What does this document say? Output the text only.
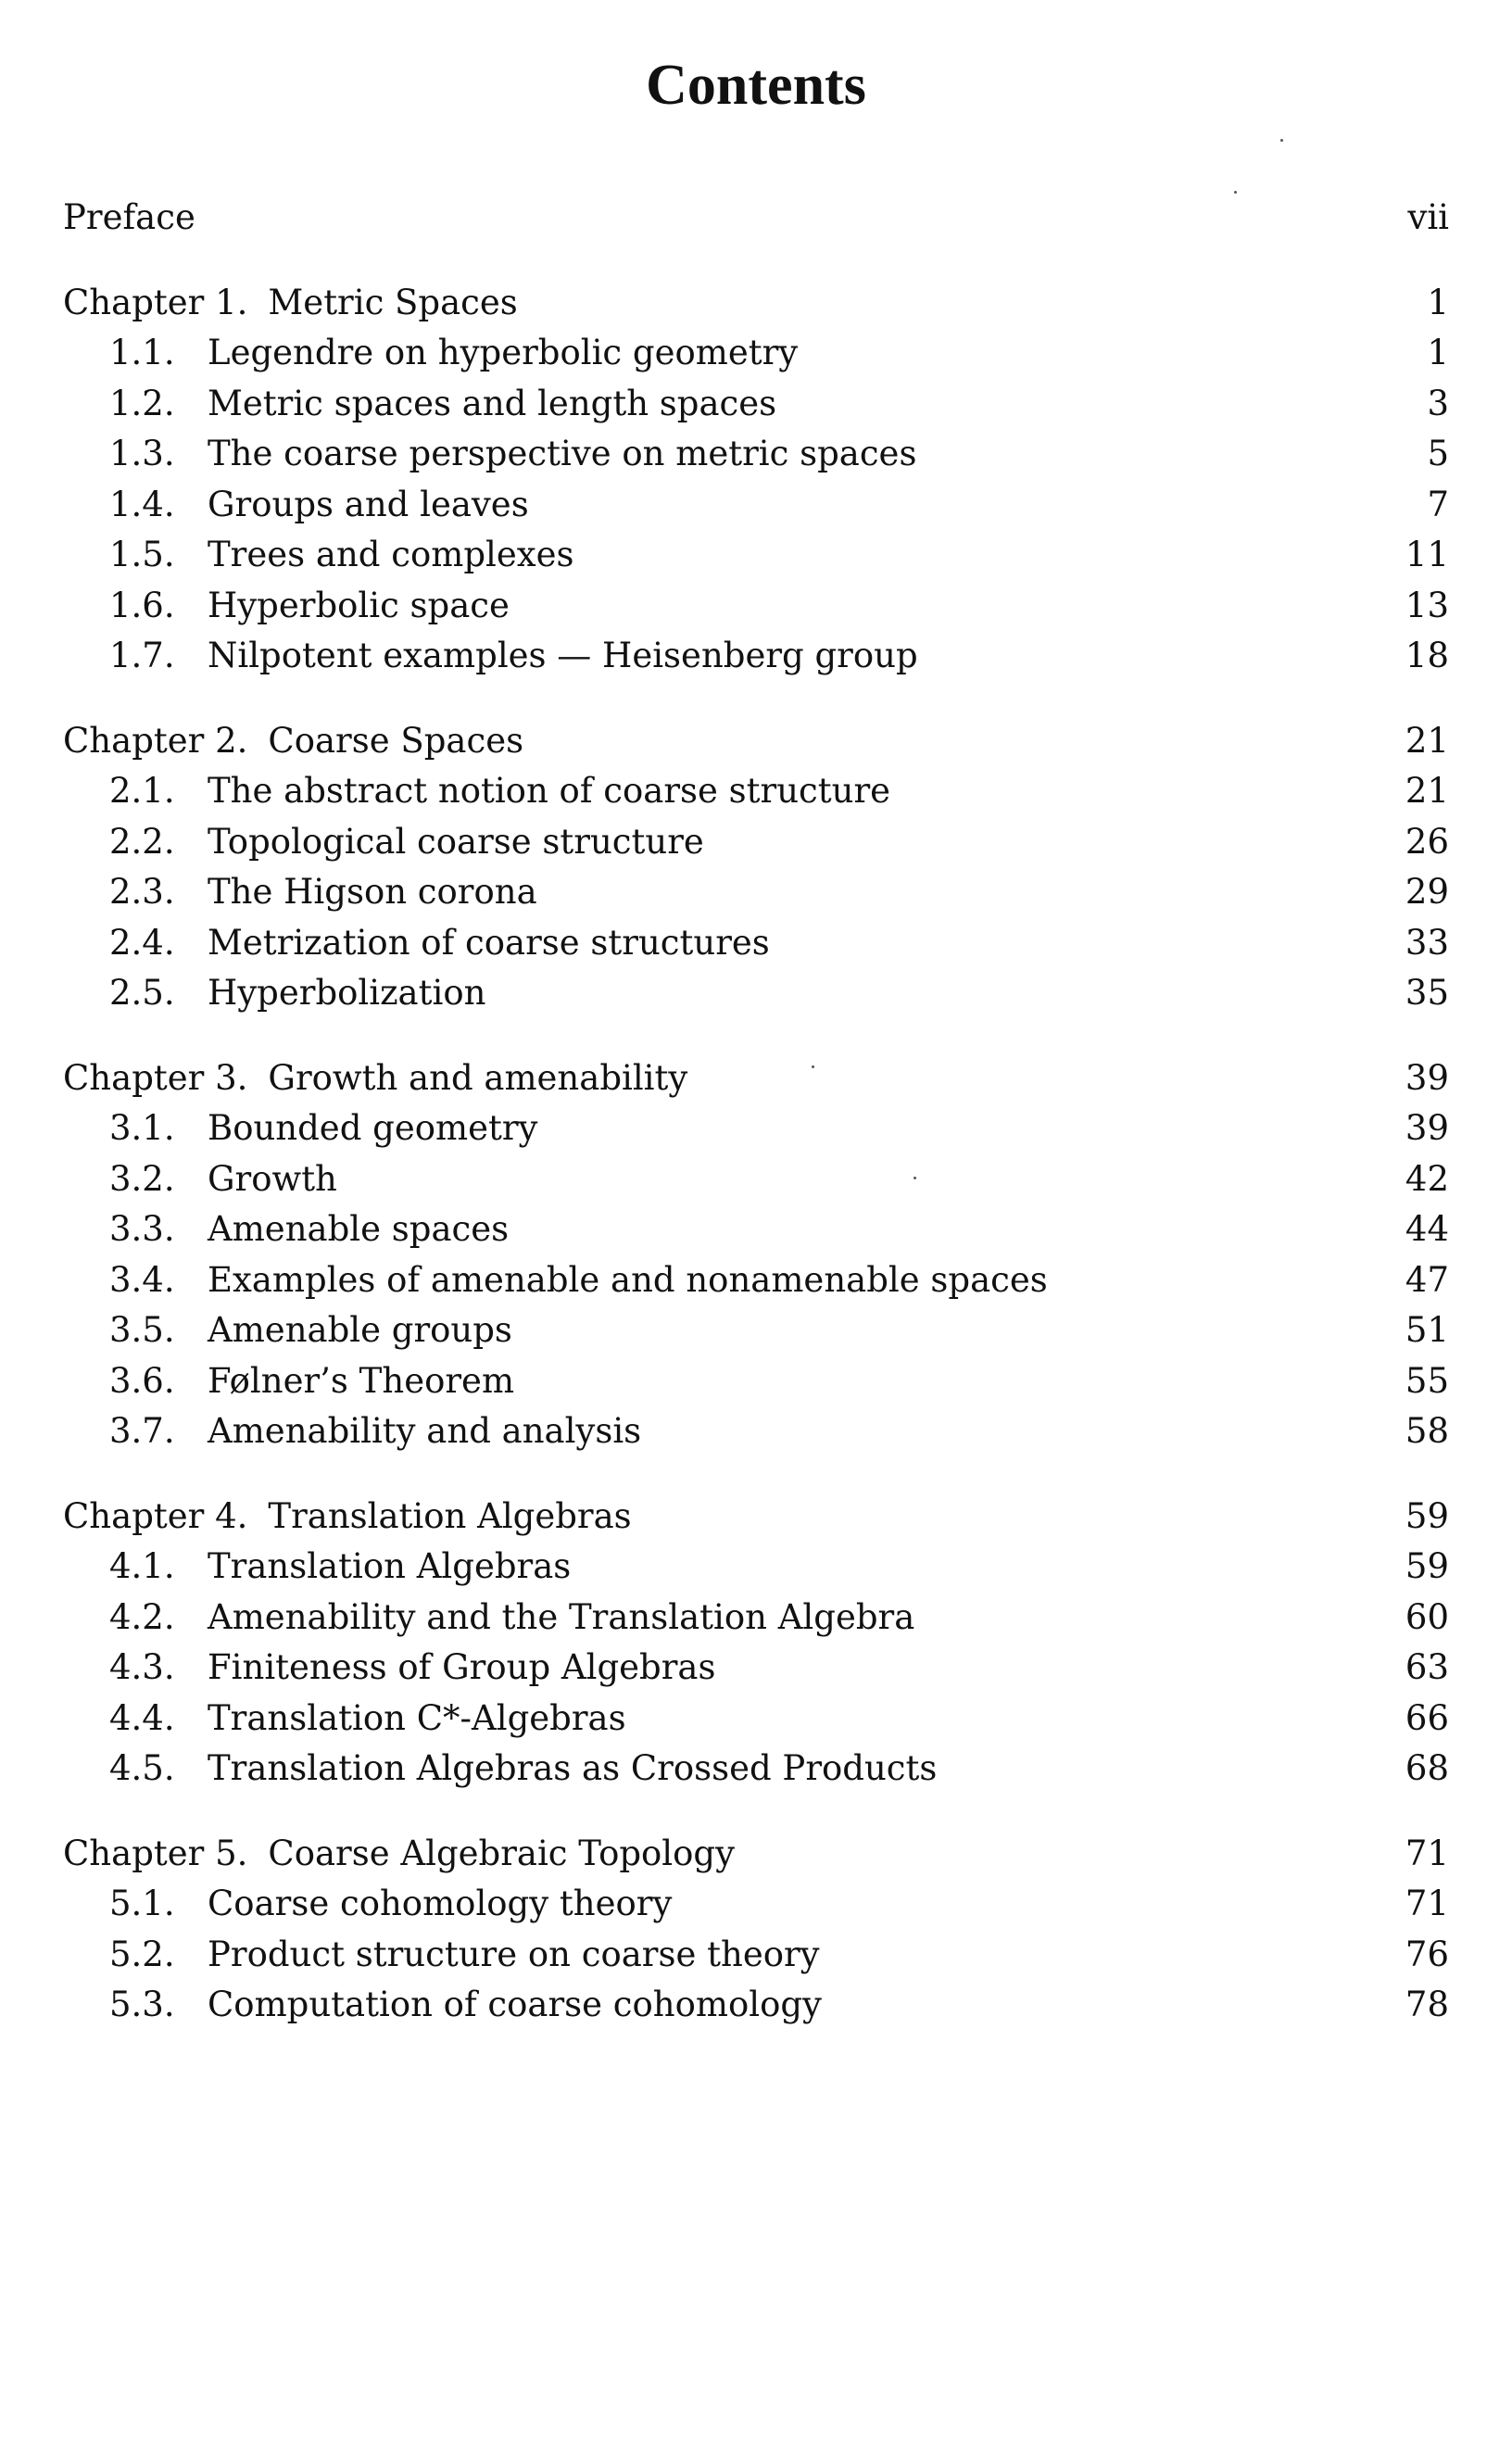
Contents
Preface	vii
Chapter 1. Metric Spaces	1
1.1. Legendre on hyperbolic geometry	1
1.2. Metric spaces and length spaces	3
1.3. The coarse perspective on metric spaces	5
1.4. Groups and leaves	7
1.5. Trees and complexes	11
1.6. Hyperbolic space	13
1.7. Nilpotent examples — Heisenberg group	18
Chapter 2. Coarse Spaces	21
2.1. The abstract notion of coarse structure	21
2.2. Topological coarse structure	26
2.3. The Higson corona	29
2.4. Metrization of coarse structures	33
2.5. Hyperbolization	35
Chapter 3. Growth and amenability	39
3.1. Bounded geometry	39
3.2. Growth	42
3.3. Amenable spaces	44
3.4. Examples of amenable and nonamenable spaces	47
3.5. Amenable groups	51
3.6. Følner’s Theorem	55
3.7. Amenability and analysis	58
Chapter 4. Translation Algebras	59
4.1. Translation Algebras	59
4.2. Amenability and the Translation Algebra	60
4.3. Finiteness of Group Algebras	63
4.4. Translation C*-Algebras	66
4.5. Translation Algebras as Crossed Products	68
Chapter 5. Coarse Algebraic Topology	71
5.1. Coarse cohomology theory	71
5.2. Product structure on coarse theory	76
5.3. Computation of coarse cohomology	78
